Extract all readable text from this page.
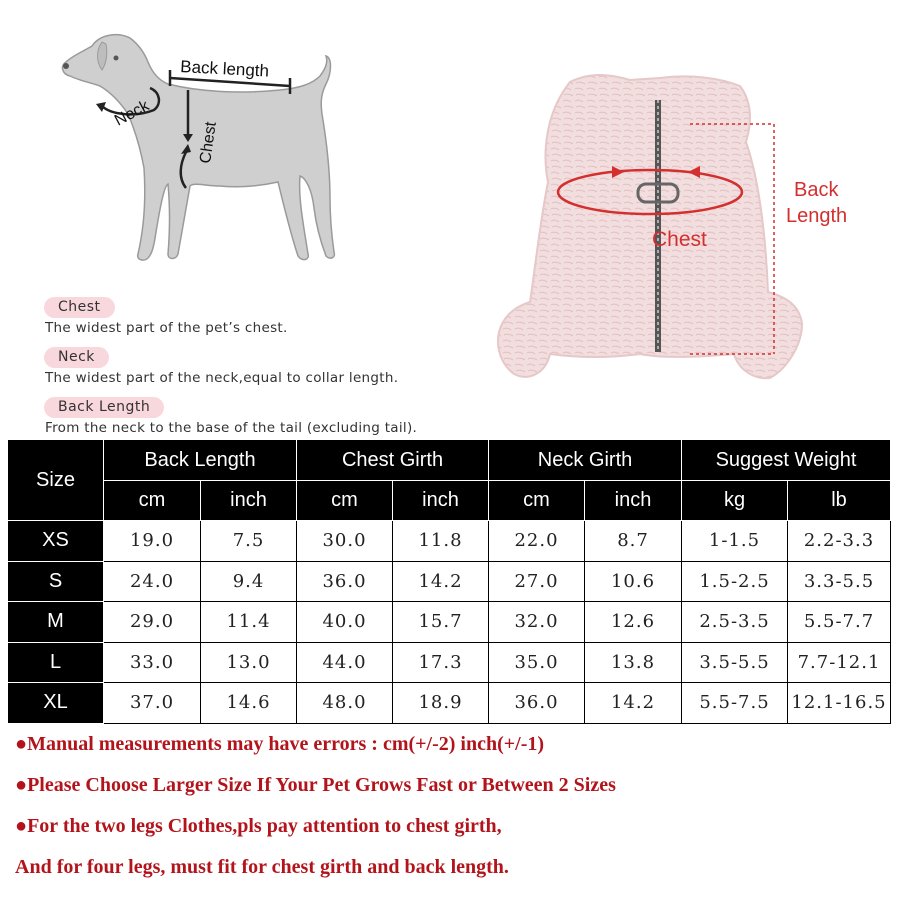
Back length
Neck
Chest
Chest
The widest part of the pet’s chest.
Neck
The widest part of the neck,equal to collar length.
Back Length
From the neck to the base of the tail (excluding tail).
Chest
Back
Length
Size	Back Length		Chest Girth		Neck Girth		Suggest Weight	
	cm	inch	cm	inch	cm	inch	kg	lb
XS	19.0	7.5	30.0	11.8	22.0	8.7	1-1.5	2.2-3.3
S	24.0	9.4	36.0	14.2	27.0	10.6	1.5-2.5	3.3-5.5
M	29.0	11.4	40.0	15.7	32.0	12.6	2.5-3.5	5.5-7.7
L	33.0	13.0	44.0	17.3	35.0	13.8	3.5-5.5	7.7-12.1
XL	37.0	14.6	48.0	18.9	36.0	14.2	5.5-7.5	12.1-16.5
●Manual measurements may have errors : cm(+/-2) inch(+/-1)
●Please Choose Larger Size If Your Pet Grows Fast or Between 2 Sizes
●For the two legs Clothes,pls pay attention to chest girth,
And for four legs, must fit for chest girth and back length.
